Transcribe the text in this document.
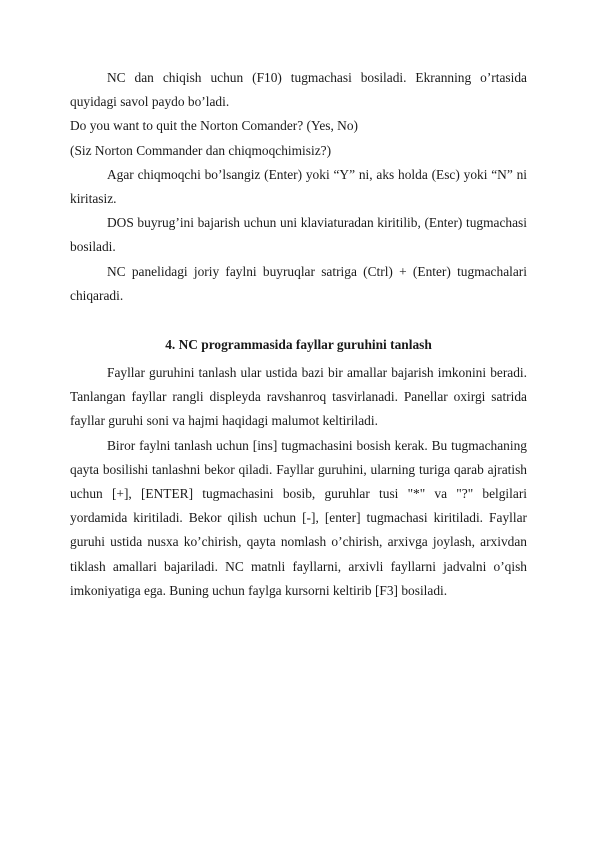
NC dan chiqish uchun (F10) tugmachasi bosiladi. Ekranning o’rtasida quyidagi savol paydo bo’ladi.

Do you want to quit the Norton Comander? (Yes, No)

(Siz Norton Commander dan chiqmoqchimisiz?)

Agar chiqmoqchi bo’lsangiz (Enter) yoki “Y” ni, aks holda (Esc) yoki “N” ni kiritasiz.

DOS buyrug’ini bajarish uchun uni klaviaturadan kiritilib, (Enter) tugmachasi bosiladi.

NC panelidagi joriy faylni buyruqlar satriga (Ctrl) + (Enter) tugmachalari chiqaradi.

4. NC programmasida fayllar guruhini tanlash

Fayllar guruhini tanlash ular ustida bazi bir amallar bajarish imkonini beradi. Tanlangan fayllar rangli displeyda ravshanroq tasvirlanadi. Panellar oxirgi satrida fayllar guruhi soni va hajmi haqidagi malumot keltiriladi.

Biror faylni tanlash uchun [ins] tugmachasini bosish kerak. Bu tugmachaning qayta bosilishi tanlashni bekor qiladi. Fayllar guruhini, ularning turiga qarab ajratish uchun [+], [ENTER] tugmachasini bosib, guruhlar tusi "*" va "?" belgilari yordamida kiritiladi. Bekor qilish uchun [-], [enter] tugmachasi kiritiladi. Fayllar guruhi ustida nusxa ko’chirish, qayta nomlash o’chirish, arxivga joylash, arxivdan tiklash amallari bajariladi. NC matnli fayllarni, arxivli fayllarni jadvalni o’qish imkoniyatiga ega. Buning uchun faylga kursorni keltirib [F3] bosiladi.
